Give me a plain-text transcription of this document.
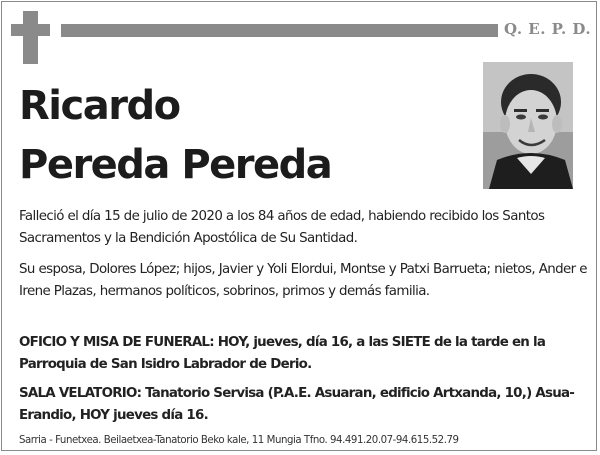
Q. E. P. D.
Ricardo
Pereda Pereda
Falleció el día 15 de julio de 2020 a los 84 años de edad, habiendo recibido los Santos Sacramentos y la Bendición Apostólica de Su Santidad.
Su esposa, Dolores López; hijos, Javier y Yoli Elordui, Montse y Patxi Barrueta; nietos, Ander e Irene Plazas, hermanos políticos, sobrinos, primos y demás familia.
OFICIO Y MISA DE FUNERAL: HOY, jueves, día 16, a las SIETE de la tarde en la Parroquia de San Isidro Labrador de Derio.
SALA VELATORIO: Tanatorio Servisa (P.A.E. Asuaran, edificio Artxanda, 10,) Asua-Erandio, HOY jueves día 16.
Sarria - Funetxea. Beilaetxea-Tanatorio Beko kale, 11 Mungia Tfno. 94.491.20.07-94.615.52.79
